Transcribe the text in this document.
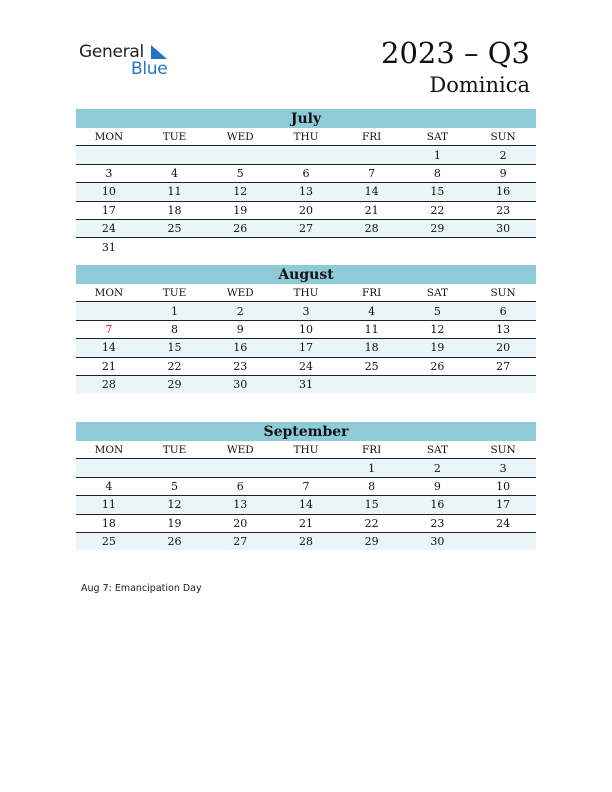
General
Blue	2023 – Q3
Dominica
July
MON	TUE	WED	THU	FRI	SAT	SUN
					1	2
3	4	5	6	7	8	9
10	11	12	13	14	15	16
17	18	19	20	21	22	23
24	25	26	27	28	29	30
31						
August
MON	TUE	WED	THU	FRI	SAT	SUN
	1	2	3	4	5	6
7	8	9	10	11	12	13
14	15	16	17	18	19	20
21	22	23	24	25	26	27
28	29	30	31			
September
MON	TUE	WED	THU	FRI	SAT	SUN
				1	2	3
4	5	6	7	8	9	10
11	12	13	14	15	16	17
18	19	20	21	22	23	24
25	26	27	28	29	30	
Aug 7: Emancipation Day
